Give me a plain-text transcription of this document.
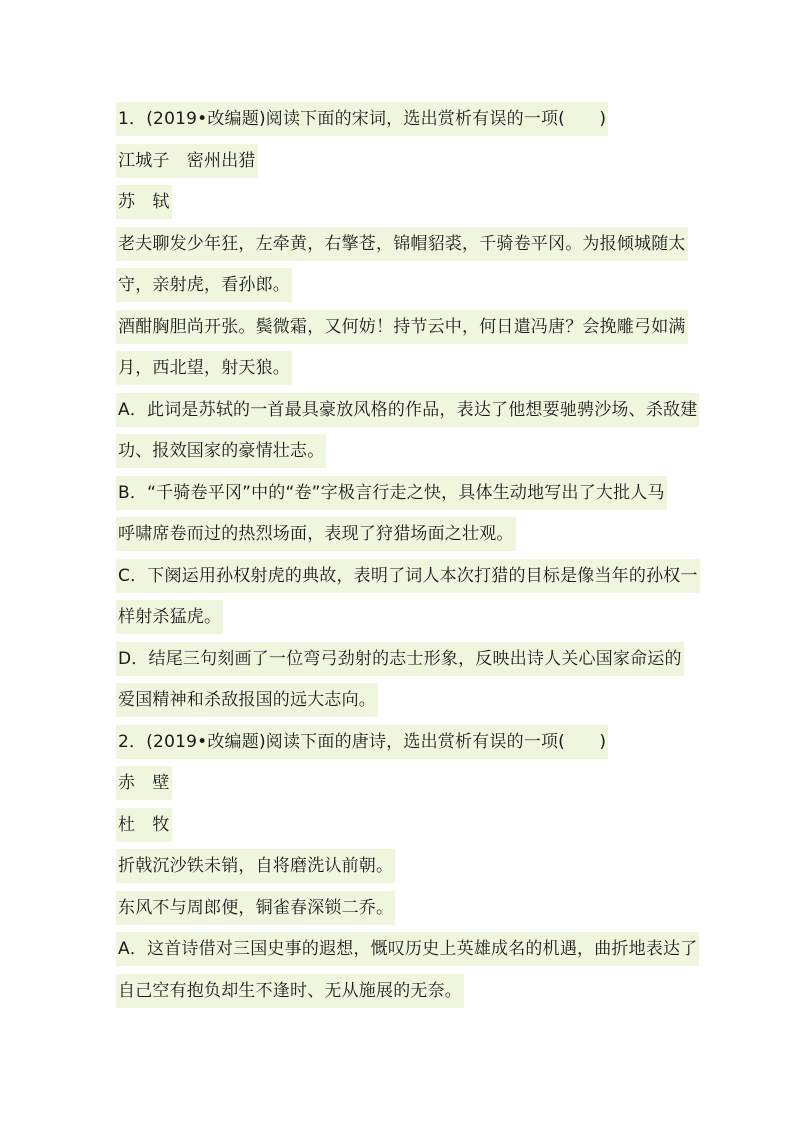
1．(2019•改编题)阅读下面的宋词，选出赏析有误的一项(　　)
江城子　密州出猎
苏　轼
老夫聊发少年狂，左牵黄，右擎苍，锦帽貂裘，千骑卷平冈。为报倾城随太
守，亲射虎，看孙郎。
酒酣胸胆尚开张。鬓微霜，又何妨！持节云中，何日遣冯唐？会挽雕弓如满
月，西北望，射天狼。
A．此词是苏轼的一首最具豪放风格的作品，表达了他想要驰骋沙场、杀敌建
功、报效国家的豪情壮志。
B．“千骑卷平冈”中的“卷”字极言行走之快，具体生动地写出了大批人马
呼啸席卷而过的热烈场面，表现了狩猎场面之壮观。
C．下阕运用孙权射虎的典故，表明了词人本次打猎的目标是像当年的孙权一
样射杀猛虎。
D．结尾三句刻画了一位弯弓劲射的志士形象，反映出诗人关心国家命运的
爱国精神和杀敌报国的远大志向。
2．(2019•改编题)阅读下面的唐诗，选出赏析有误的一项(　　)
赤　壁
杜　牧
折戟沉沙铁未销，自将磨洗认前朝。
东风不与周郎便，铜雀春深锁二乔。
A．这首诗借对三国史事的遐想，慨叹历史上英雄成名的机遇，曲折地表达了
自己空有抱负却生不逢时、无从施展的无奈。
